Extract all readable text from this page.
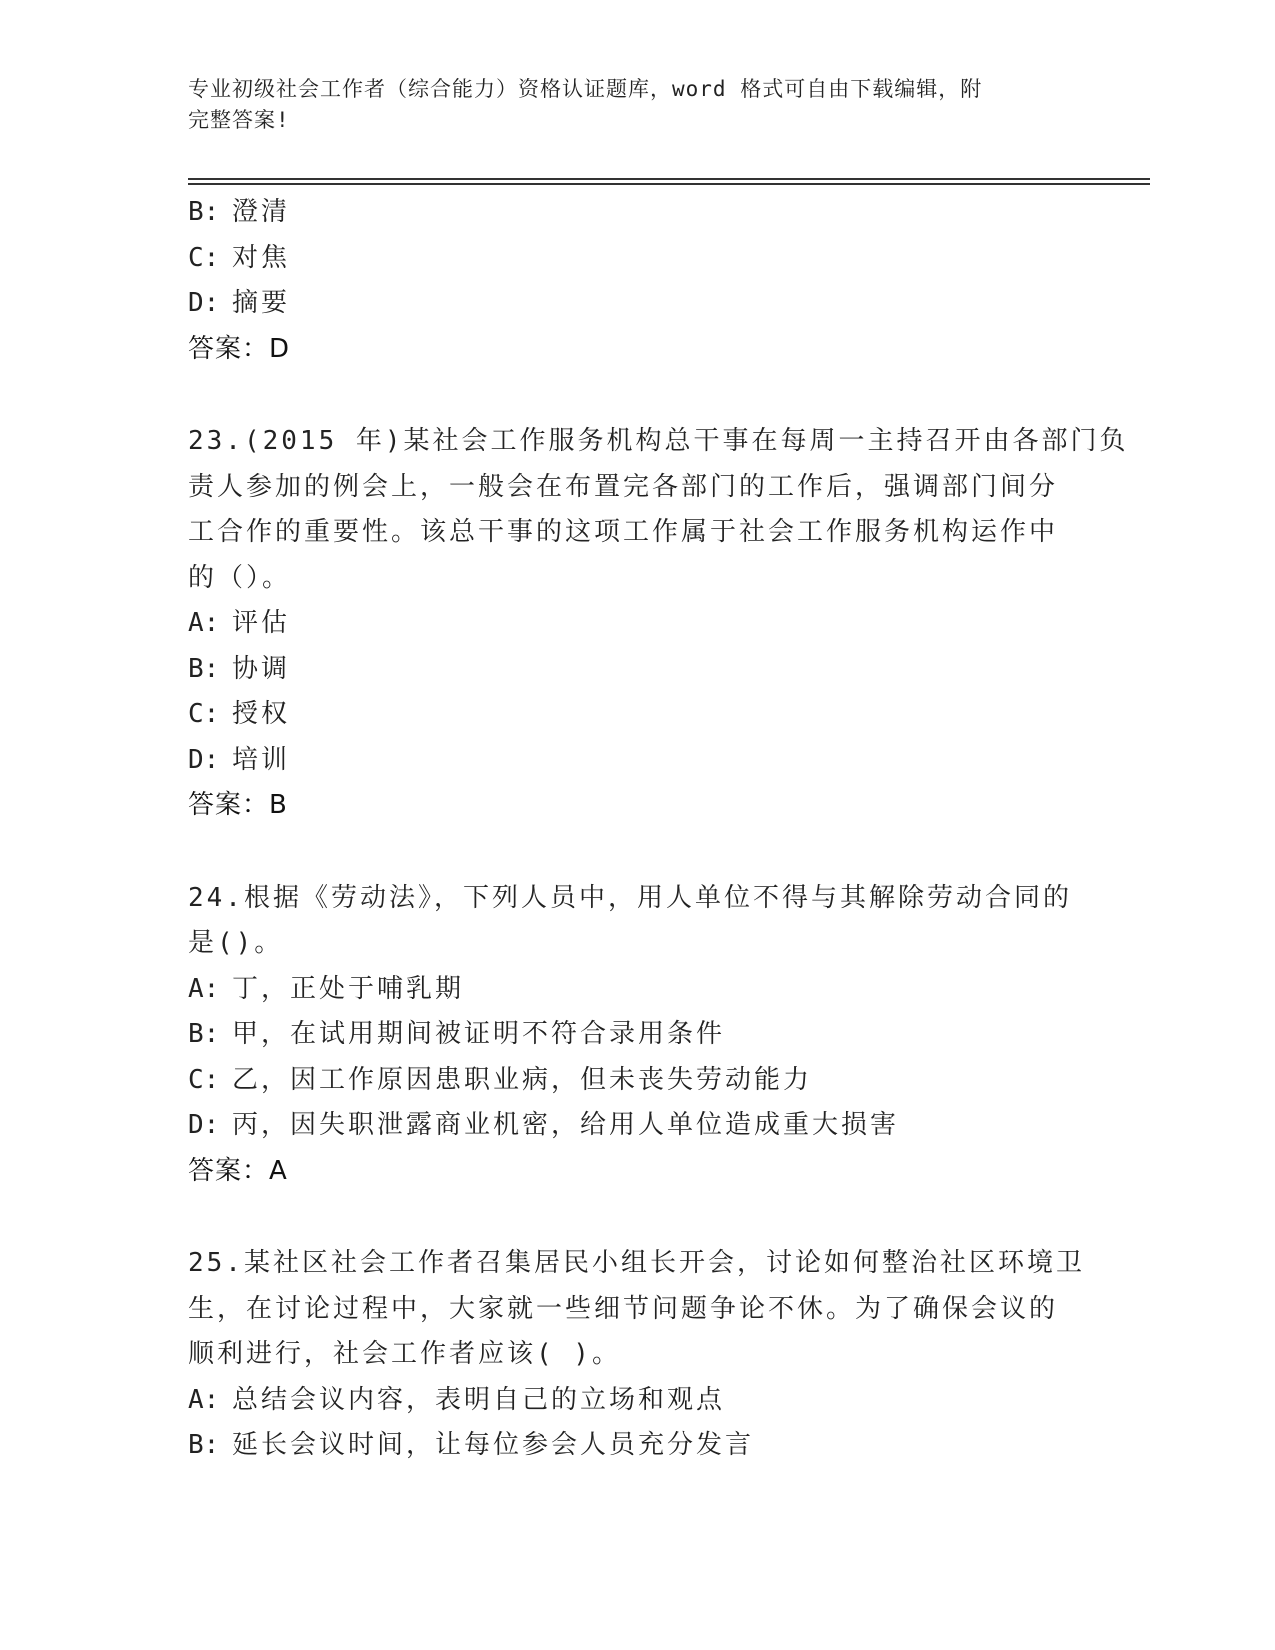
专业初级社会工作者（综合能力）资格认证题库，word 格式可自由下载编辑，附
完整答案!
B: 澄清
C: 对焦
D: 摘要
答案：D
23.(2015 年)某社会工作服务机构总干事在每周一主持召开由各部门负
责人参加的例会上，一般会在布置完各部门的工作后，强调部门间分
工合作的重要性。该总干事的这项工作属于社会工作服务机构运作中
的（）。
A: 评估
B: 协调
C: 授权
D: 培训
答案：B
24.根据《劳动法》，下列人员中，用人单位不得与其解除劳动合同的
是()。
A: 丁，正处于哺乳期
B: 甲，在试用期间被证明不符合录用条件
C: 乙，因工作原因患职业病，但未丧失劳动能力
D: 丙，因失职泄露商业机密，给用人单位造成重大损害
答案：A
25.某社区社会工作者召集居民小组长开会，讨论如何整治社区环境卫
生，在讨论过程中，大家就一些细节问题争论不休。为了确保会议的
顺利进行，社会工作者应该( )。
A: 总结会议内容，表明自己的立场和观点
B: 延长会议时间，让每位参会人员充分发言
